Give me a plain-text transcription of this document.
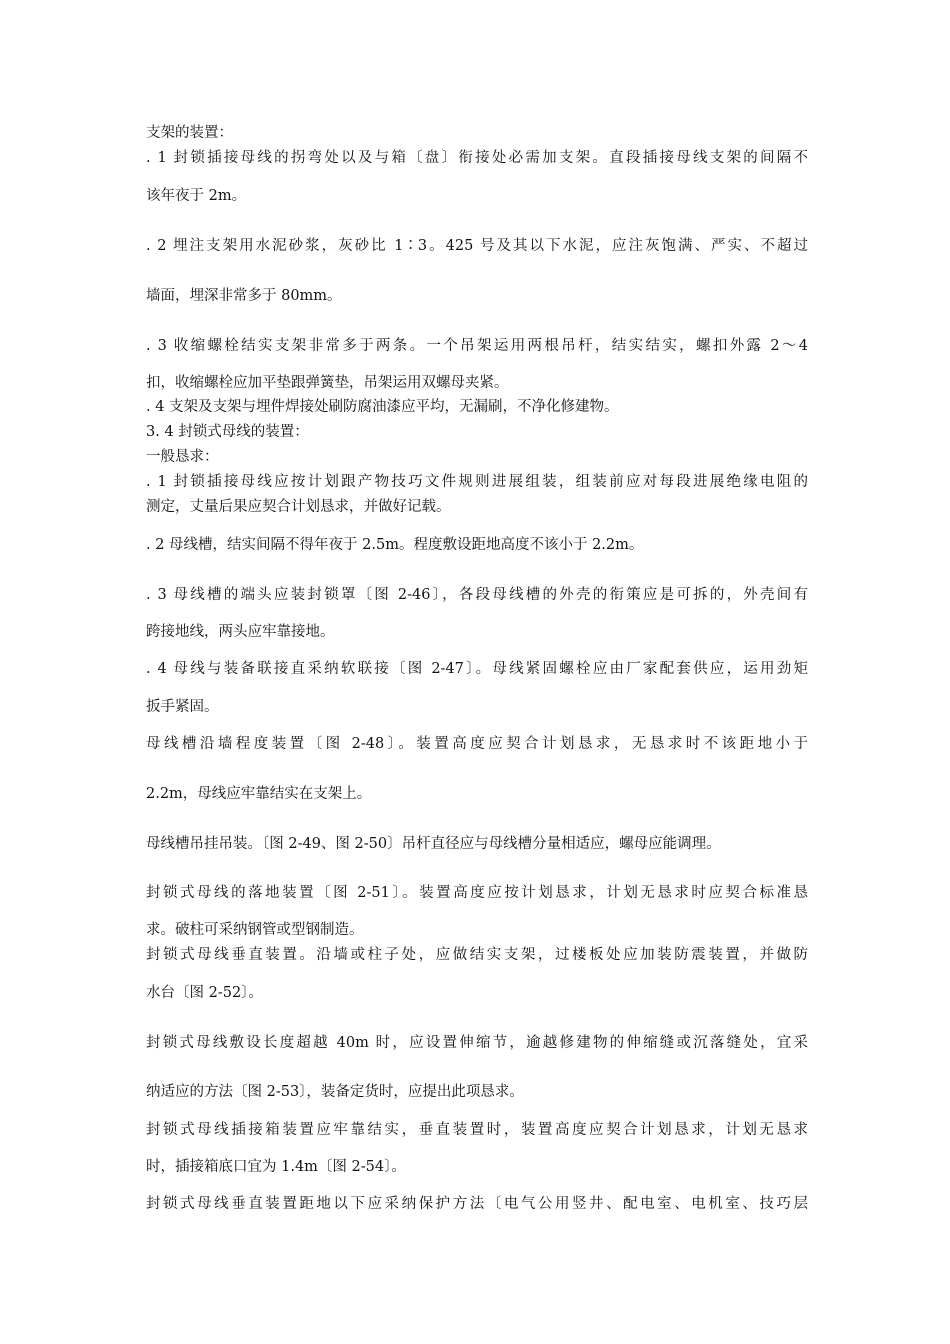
支架的装置：
. 1 封锁插接母线的拐弯处以及与箱〔盘〕衔接处必需加支架。直段插接母线支架的间隔不
该年夜于 2m。
. 2 埋注支架用水泥砂浆，灰砂比 1∶3。425 号及其以下水泥，应注灰饱满、严实、不超过
墙面，埋深非常多于 80mm。
. 3 收缩螺栓结实支架非常多于两条。一个吊架运用两根吊杆，结实结实，螺扣外露 2～4
扣，收缩螺栓应加平垫跟弹簧垫，吊架运用双螺母夹紧。
. 4 支架及支架与埋件焊接处刷防腐油漆应平均，无漏刷，不净化修建物。
3. 4 封锁式母线的装置：
一般恳求：
. 1 封锁插接母线应按计划跟产物技巧文件规则进展组装，组装前应对每段进展绝缘电阻的
测定，丈量后果应契合计划恳求，并做好记载。
. 2 母线槽，结实间隔不得年夜于 2.5m。程度敷设距地高度不该小于 2.2m。
. 3 母线槽的端头应装封锁罩〔图 2-46〕，各段母线槽的外壳的衔策应是可拆的，外壳间有
跨接地线，两头应牢靠接地。
. 4 母线与装备联接直采纳软联接〔图 2-47〕。母线紧固螺栓应由厂家配套供应，运用劲矩
扳手紧固。
母线槽沿墙程度装置〔图 2-48〕。装置高度应契合计划恳求，无恳求时不该距地小于
2.2m，母线应牢靠结实在支架上。
母线槽吊挂吊装。〔图 2-49、图 2-50〕吊杆直径应与母线槽分量相适应，螺母应能调理。
封锁式母线的落地装置〔图 2-51〕。装置高度应按计划恳求，计划无恳求时应契合标准恳
求。破柱可采纳钢管或型钢制造。
封锁式母线垂直装置。沿墙或柱子处，应做结实支架，过楼板处应加装防震装置，并做防
水台〔图 2-52〕。
封锁式母线敷设长度超越 40m 时，应设置伸缩节，逾越修建物的伸缩缝或沉落缝处，宜采
纳适应的方法〔图 2-53〕，装备定货时，应提出此项恳求。
封锁式母线插接箱装置应牢靠结实，垂直装置时，装置高度应契合计划恳求，计划无恳求
时，插接箱底口宜为 1.4m〔图 2-54〕。
封锁式母线垂直装置距地以下应采纳保护方法〔电气公用竖井、配电室、电机室、技巧层
